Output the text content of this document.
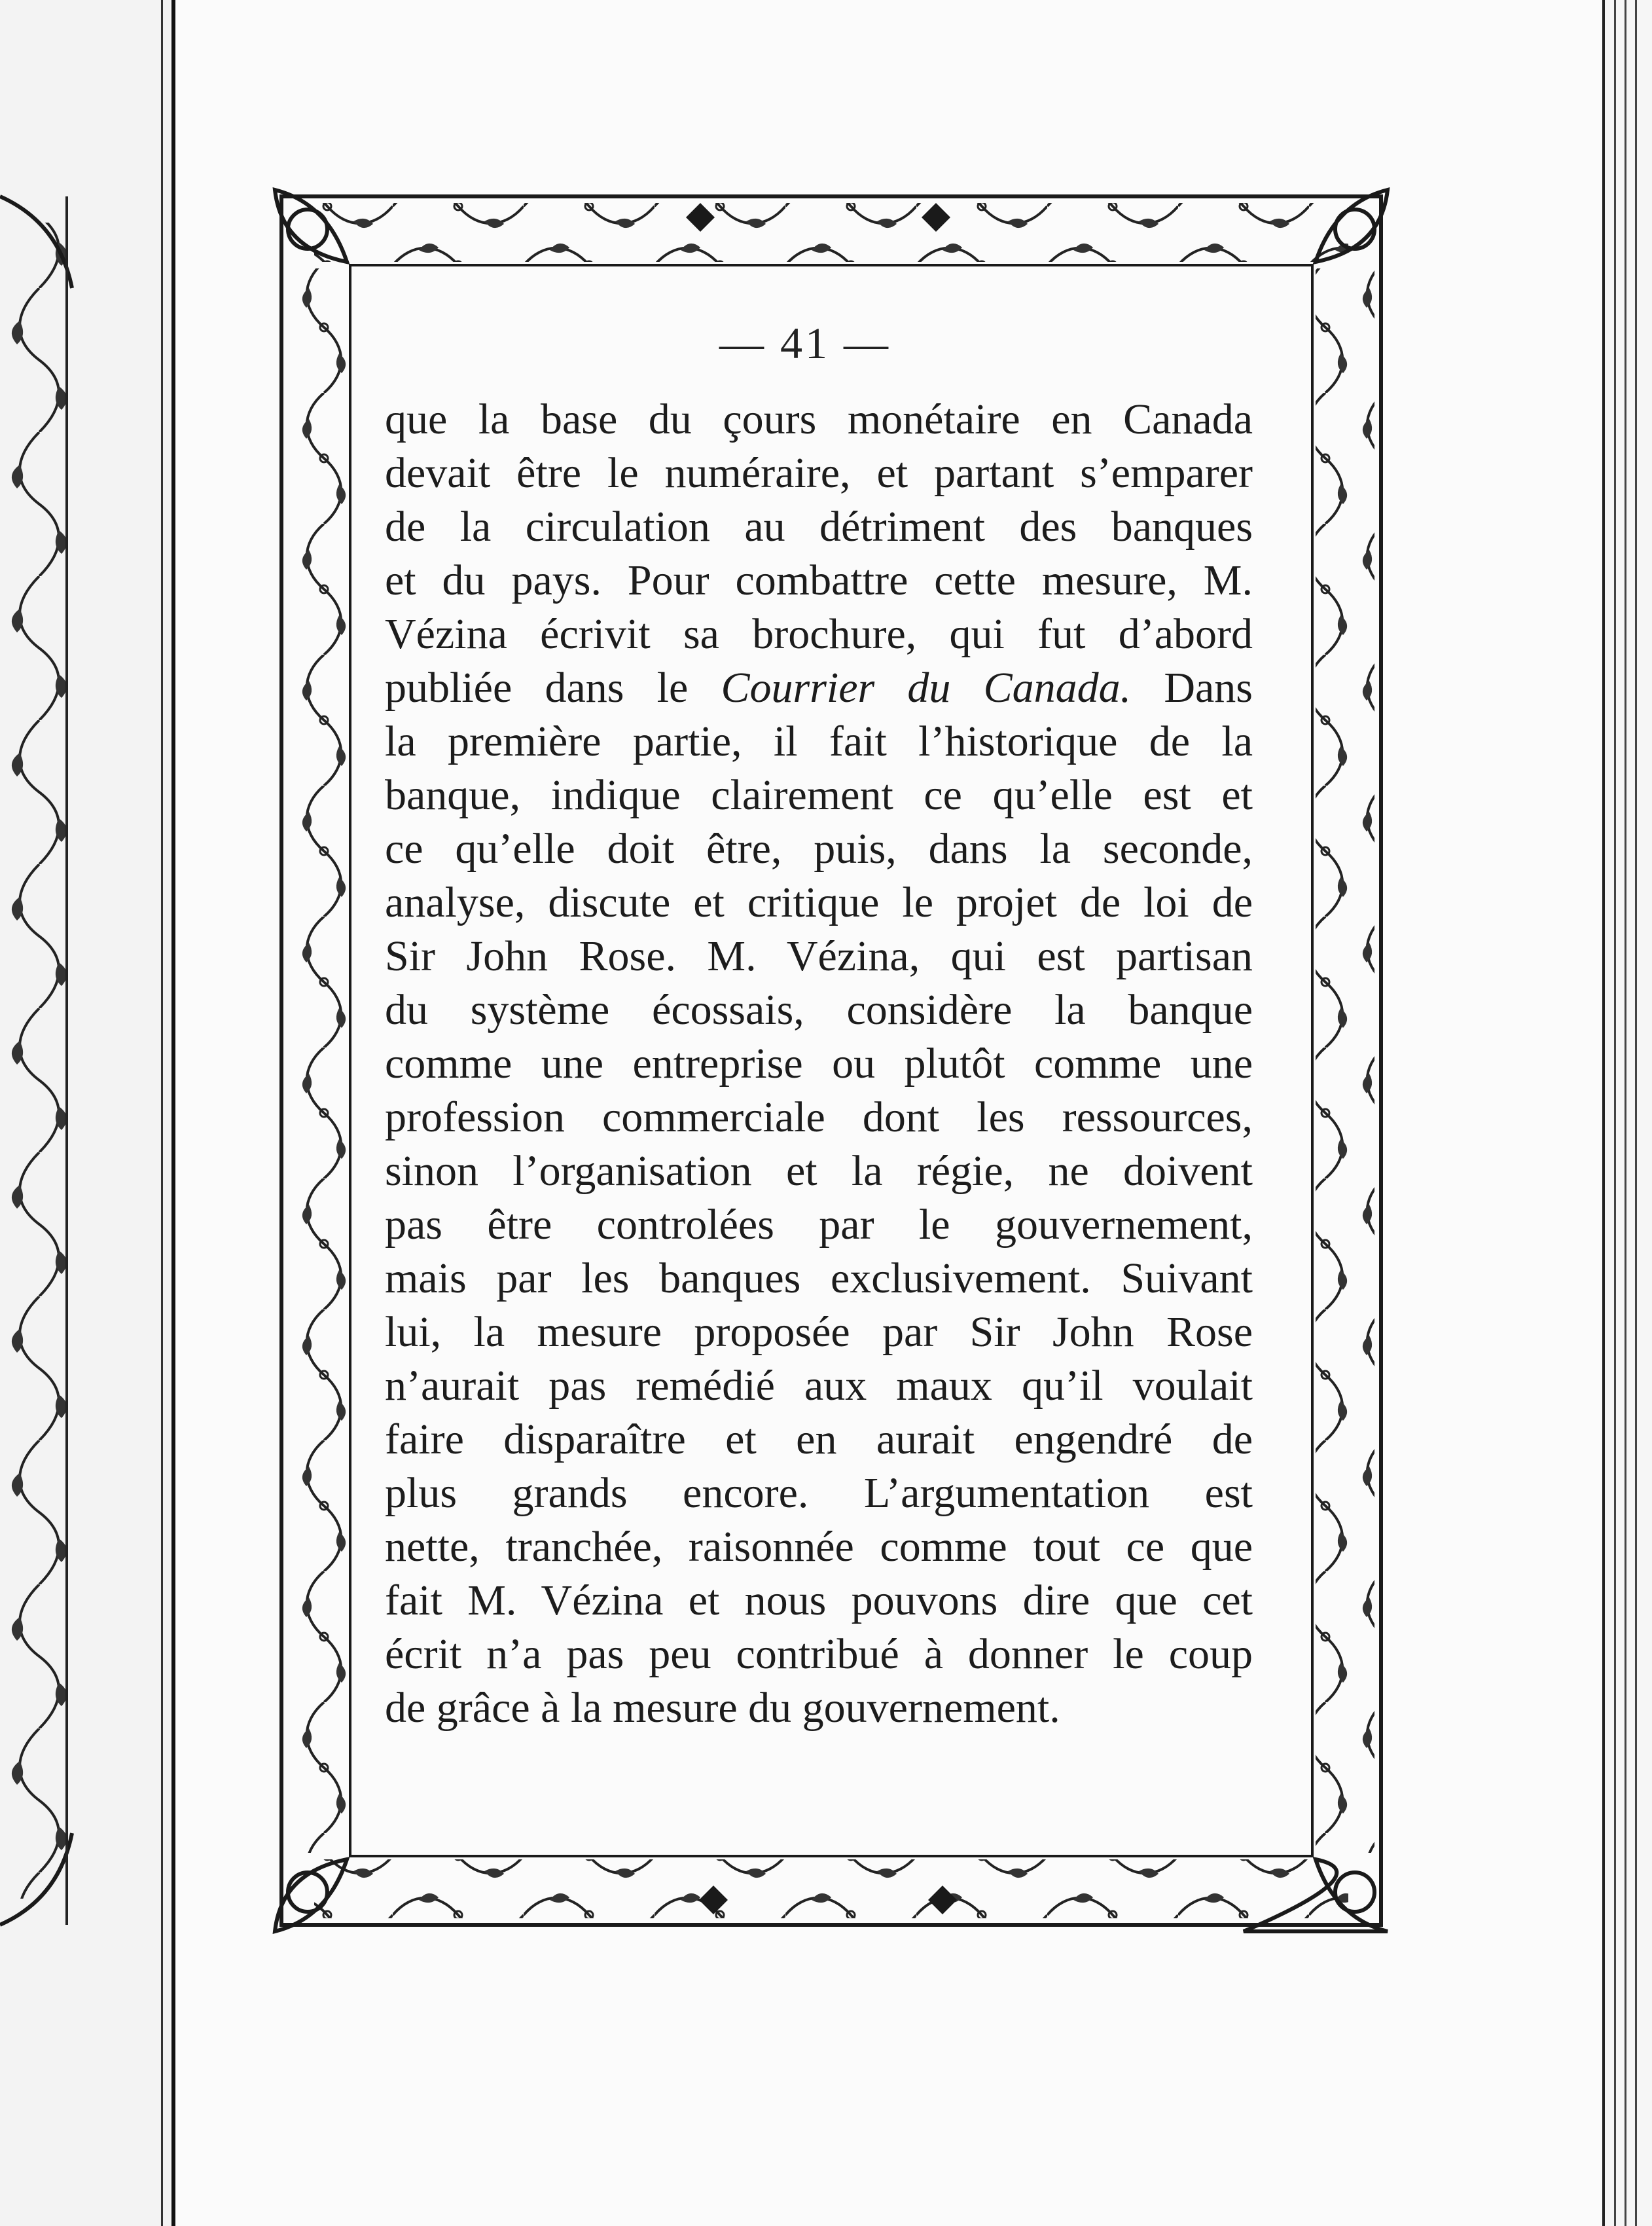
— 41 —
que la base du çours monétaire en Canada
devait être le numéraire, et partant s’emparer
de la circulation au détriment des banques
et du pays. Pour combattre cette mesure, M.
Vézina écrivit sa brochure, qui fut d’abord
publiée dans le Courrier du Canada. Dans
la première partie, il fait l’historique de la
banque, indique clairement ce qu’elle est et
ce qu’elle doit être, puis, dans la seconde,
analyse, discute et critique le projet de loi de
Sir John Rose. M. Vézina, qui est partisan
du système écossais, considère la banque
comme une entreprise ou plutôt comme une
profession commerciale dont les ressources,
sinon l’organisation et la régie, ne doivent
pas être controlées par le gouvernement,
mais par les banques exclusivement. Suivant
lui, la mesure proposée par Sir John Rose
n’aurait pas remédié aux maux qu’il voulait
faire disparaître et en aurait engendré de
plus grands encore. L’argumentation est
nette, tranchée, raisonnée comme tout ce que
fait M. Vézina et nous pouvons dire que cet
écrit n’a pas peu contribué à donner le coup
de grâce à la mesure du gouvernement.
